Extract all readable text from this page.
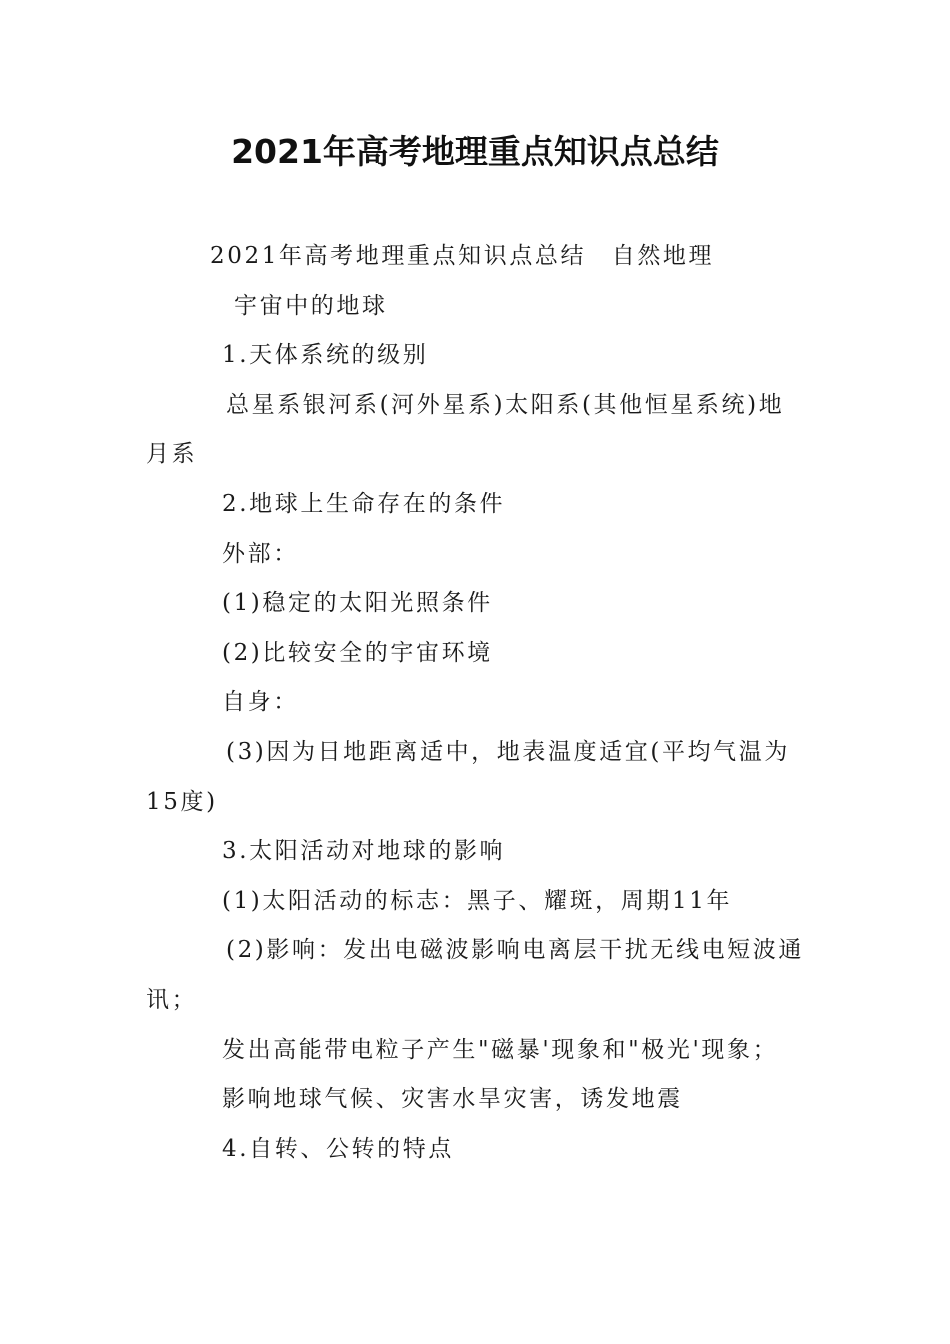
2021年高考地理重点知识点总结
2021年高考地理重点知识点总结　自然地理
宇宙中的地球
1.天体系统的级别
总星系银河系(河外星系)太阳系(其他恒星系统)地
月系
2.地球上生命存在的条件
外部：
(1)稳定的太阳光照条件
(2)比较安全的宇宙环境
自身：
(3)因为日地距离适中，地表温度适宜(平均气温为
15度)
3.太阳活动对地球的影响
(1)太阳活动的标志：黑子、耀斑，周期11年
(2)影响：发出电磁波影响电离层干扰无线电短波通
讯；
发出高能带电粒子产生"磁暴'现象和"极光'现象；
影响地球气候、灾害水旱灾害，诱发地震
4.自转、公转的特点
